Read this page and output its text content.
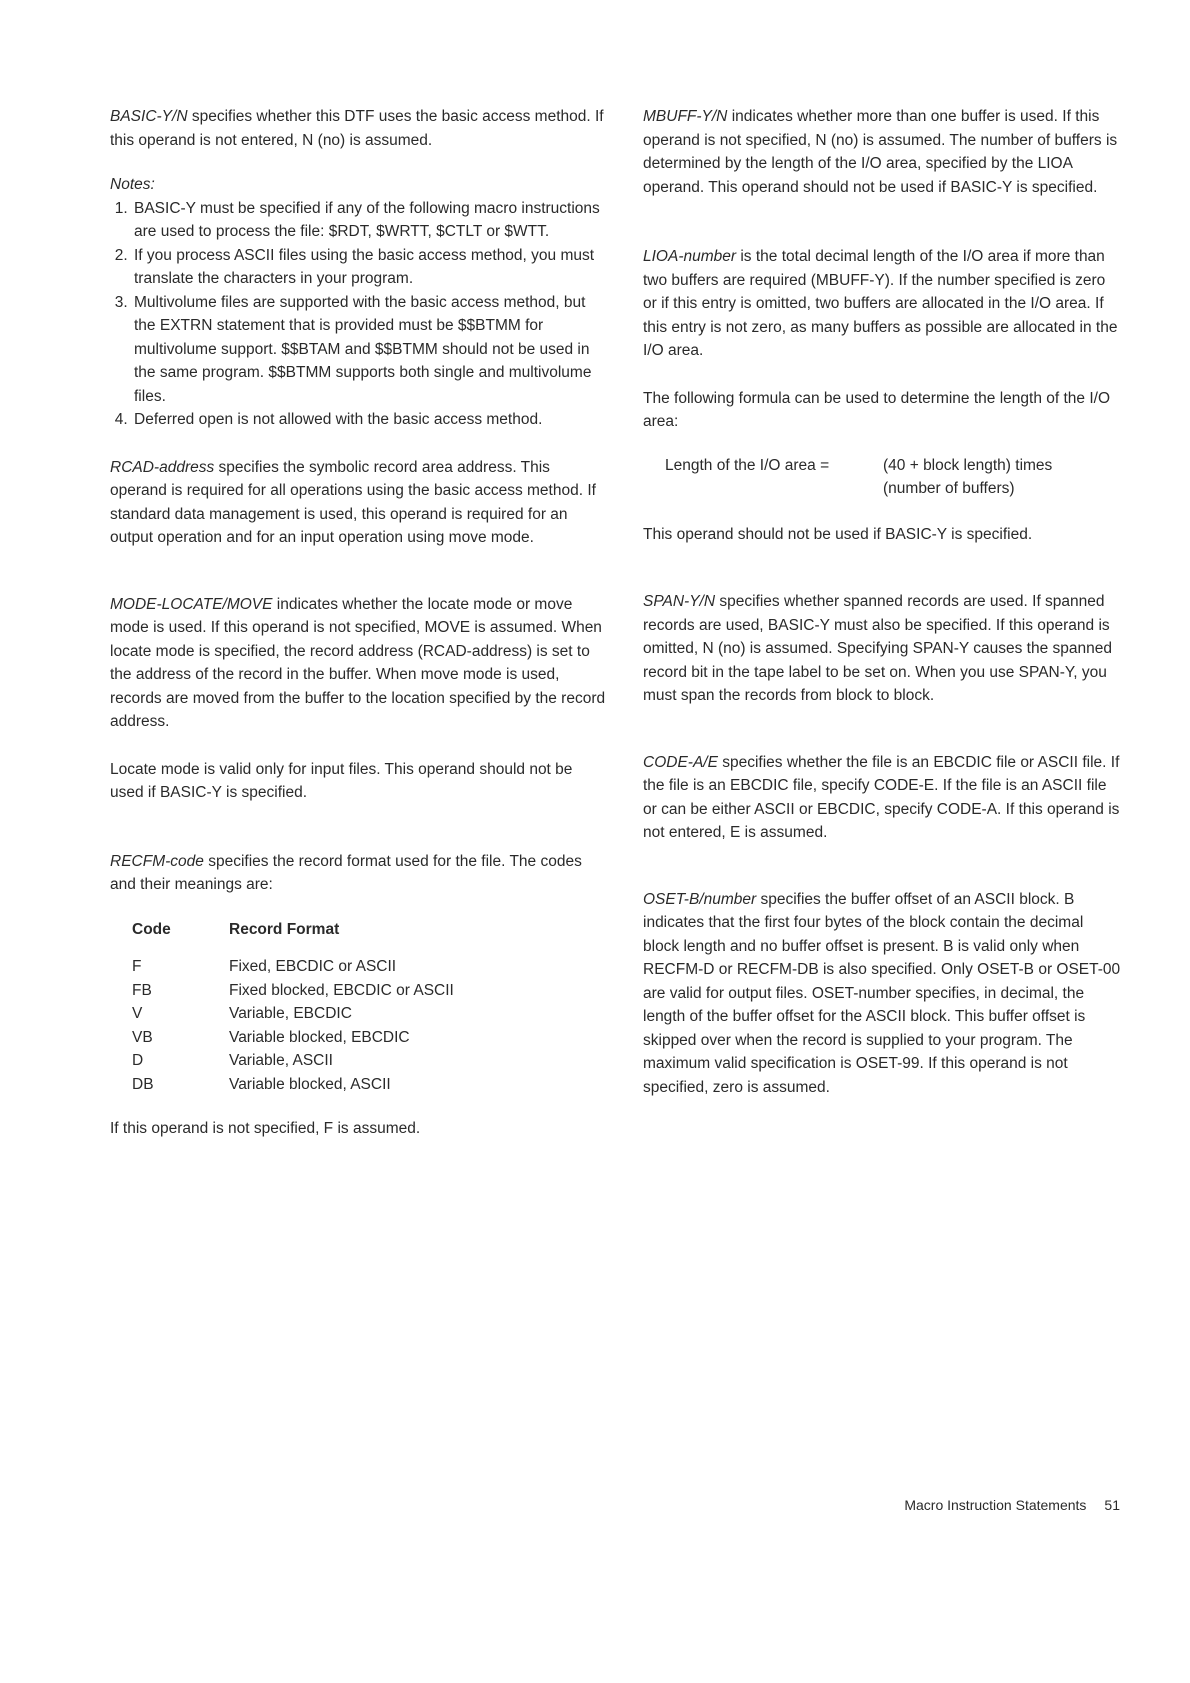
BASIC-Y/N specifies whether this DTF uses the basic access method. If this operand is not entered, N (no) is assumed.

Notes:

1. BASIC-Y must be specified if any of the following macro instructions are used to process the file: $RDT, $WRTT, $CTLT or $WTT.
2. If you process ASCII files using the basic access method, you must translate the characters in your program.
3. Multivolume files are supported with the basic access method, but the EXTRN statement that is provided must be $$BTMM for multivolume support. $$BTAM and $$BTMM should not be used in the same program. $$BTMM supports both single and multivolume files.
4. Deferred open is not allowed with the basic access method.
RCAD-address specifies the symbolic record area address. This operand is required for all operations using the basic access method. If standard data management is used, this operand is required for an output operation and for an input operation using move mode.
MODE-LOCATE/MOVE indicates whether the locate mode or move mode is used. If this operand is not specified, MOVE is assumed. When locate mode is specified, the record address (RCAD-address) is set to the address of the record in the buffer. When move mode is used, records are moved from the buffer to the location specified by the record address.

Locate mode is valid only for input files. This operand should not be used if BASIC-Y is specified.

RECFM-code specifies the record format used for the file. The codes and their meanings are:
Code	Record Format
F	Fixed, EBCDIC or ASCII
FB	Fixed blocked, EBCDIC or ASCII
V	Variable, EBCDIC
VB	Variable blocked, EBCDIC
D	Variable, ASCII
DB	Variable blocked, ASCII

If this operand is not specified, F is assumed.

MBUFF-Y/N indicates whether more than one buffer is used. If this operand is not specified, N (no) is assumed. The number of buffers is determined by the length of the I/O area, specified by the LIOA operand. This operand should not be used if BASIC-Y is specified.
LIOA-number is the total decimal length of the I/O area if more than two buffers are required (MBUFF-Y). If the number specified is zero or if this entry is omitted, two buffers are allocated in the I/O area. If this entry is not zero, as many buffers as possible are allocated in the I/O area.

The following formula can be used to determine the length of the I/O area:

Length of the I/O area =	(40 + block length) times
(number of buffers)

This operand should not be used if BASIC-Y is specified.

SPAN-Y/N specifies whether spanned records are used. If spanned records are used, BASIC-Y must also be specified. If this operand is omitted, N (no) is assumed. Specifying SPAN-Y causes the spanned record bit in the tape label to be set on. When you use SPAN-Y, you must span the records from block to block.
CODE-A/E specifies whether the file is an EBCDIC file or ASCII file. If the file is an EBCDIC file, specify CODE-E. If the file is an ASCII file or can be either ASCII or EBCDIC, specify CODE-A. If this operand is not entered, E is assumed.
OSET-B/number specifies the buffer offset of an ASCII block. B indicates that the first four bytes of the block contain the decimal block length and no buffer offset is present. B is valid only when RECFM-D or RECFM-DB is also specified. Only OSET-B or OSET-00 are valid for output files. OSET-number specifies, in decimal, the length of the buffer offset for the ASCII block. This buffer offset is skipped over when the record is supplied to your program. The maximum valid specification is OSET-99. If this operand is not specified, zero is assumed.
Macro Instruction Statements 51
